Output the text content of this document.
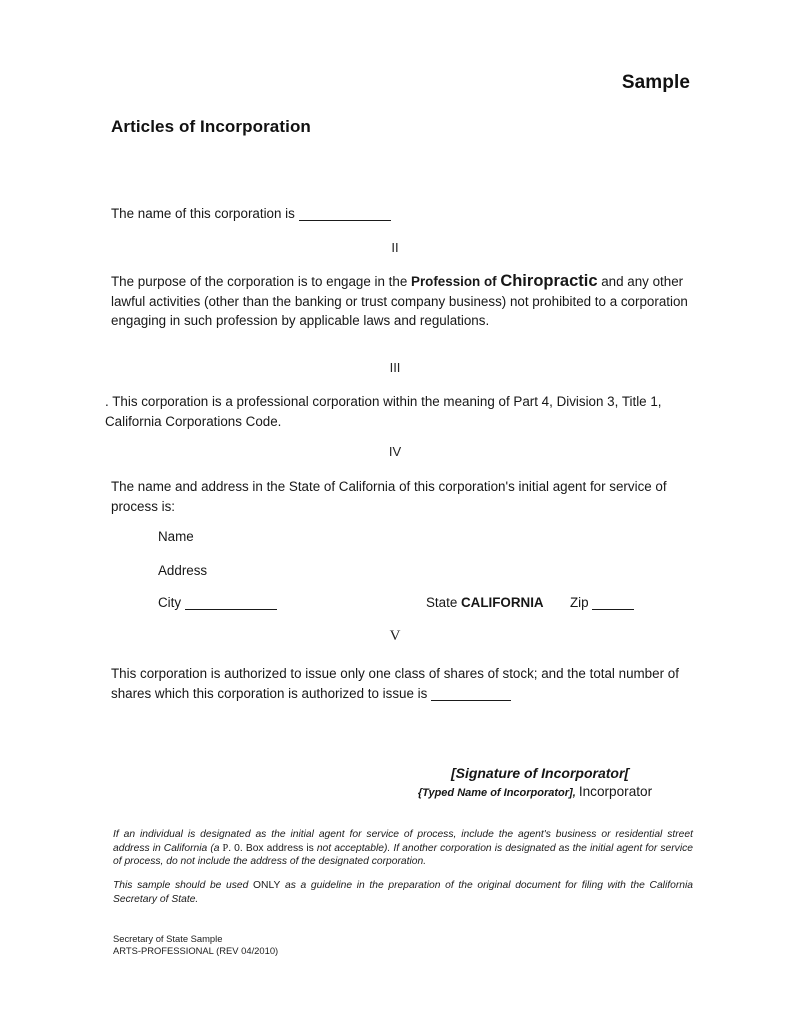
Sample
Articles of Incorporation
The name of this corporation is
II
The purpose of the corporation is to engage in the Profession of Chiropractic and any other lawful activities (other than the banking or trust company business) not prohibited to a corporation engaging in such profession by applicable laws and regulations.
III
. This corporation is a professional corporation within the meaning of Part 4, Division 3, Title 1, California Corporations Code.
IV
The name and address in the State of California of this corporation's initial agent for service of process is:
Name
Address
City	State CALIFORNIA Zip
V
This corporation is authorized to issue only one class of shares of stock; and the total number of shares which this corporation is authorized to issue is
[Signature of Incorporator[
{Typed Name of Incorporator], Incorporator
If an individual is designated as the initial agent for service of process, include the agent's business or residential street address in California (a P. 0. Box address is not acceptable). If another corporation is designated as the initial agent for service of process, do not include the address of the designated corporation.
This sample should be used ONLY as a guideline in the preparation of the original document for filing with the California Secretary of State.
Secretary of State Sample
ARTS-PROFESSIONAL (REV 04/2010)
